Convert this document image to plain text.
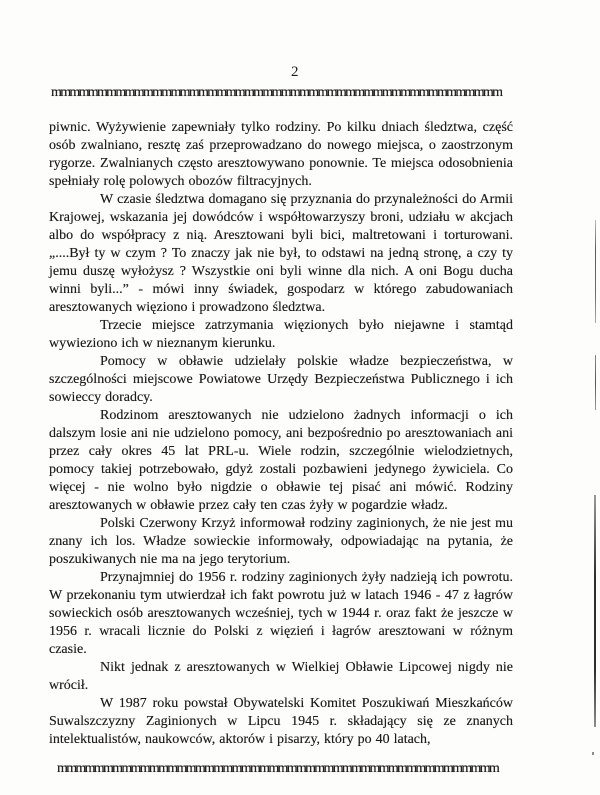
2
mmmmmmmmmmmmmmmmmmmmmmmmmmmmmmmmmmmmmmmmmmmmmmmmm

piwnic. Wyżywienie zapewniały tylko rodziny. Po kilku dniach śledztwa, część osób zwalniano, resztę zaś przeprowadzano do nowego miejsca, o zaostrzonym rygorze. Zwalnianych często aresztowywano ponownie. Te miejsca odosobnienia spełniały rolę polowych obozów filtracyjnych.

W czasie śledztwa domagano się przyznania do przynależności do Armii Krajowej, wskazania jej dowódców i współtowarzyszy broni, udziału w akcjach albo do współpracy z nią. Aresztowani byli bici, maltretowani i torturowani. „....Był ty w czym ? To znaczy jak nie był, to odstawi na jedną stronę, a czy ty jemu duszę wyłożysz ? Wszystkie oni byli winne dla nich. A oni Bogu ducha winni byli...” - mówi inny świadek, gospodarz w którego zabudowaniach aresztowanych więziono i prowadzono śledztwa.

Trzecie miejsce zatrzymania więzionych było niejawne i stamtąd wywieziono ich w nieznanym kierunku.

Pomocy w obławie udzielały polskie władze bezpieczeństwa, w szczególności miejscowe Powiatowe Urzędy Bezpieczeństwa Publicznego i ich sowieccy doradcy.

Rodzinom aresztowanych nie udzielono żadnych informacji o ich dalszym losie ani nie udzielono pomocy, ani bezpośrednio po aresztowaniach ani przez cały okres 45 lat PRL-u. Wiele rodzin, szczególnie wielodzietnych, pomocy takiej potrzebowało, gdyż zostali pozbawieni jedynego żywiciela. Co więcej - nie wolno było nigdzie o obławie tej pisać ani mówić. Rodziny aresztowanych w obławie przez cały ten czas żyły w pogardzie władz.

Polski Czerwony Krzyż informował rodziny zaginionych, że nie jest mu znany ich los. Władze sowieckie informowały, odpowiadając na pytania, że poszukiwanych nie ma na jego terytorium.

Przynajmniej do 1956 r. rodziny zaginionych żyły nadzieją ich powrotu. W przekonaniu tym utwierdzał ich fakt powrotu już w latach 1946 - 47 z łagrów sowieckich osób aresztowanych wcześniej, tych w 1944 r. oraz fakt że jeszcze w 1956 r. wracali licznie do Polski z więzień i łagrów aresztowani w różnym czasie.

Nikt jednak z aresztowanych w Wielkiej Obławie Lipcowej nigdy nie wrócił.

W 1987 roku powstał Obywatelski Komitet Poszukiwań Mieszkańców Suwalszczyzny Zaginionych w Lipcu 1945 r. składający się ze znanych intelektualistów, naukowców, aktorów i pisarzy, który po 40 latach,

mmmmmmmmmmmmmmmmmmmmmmmmmmmmmmmmmmmmmmmmmmmmmmmm
